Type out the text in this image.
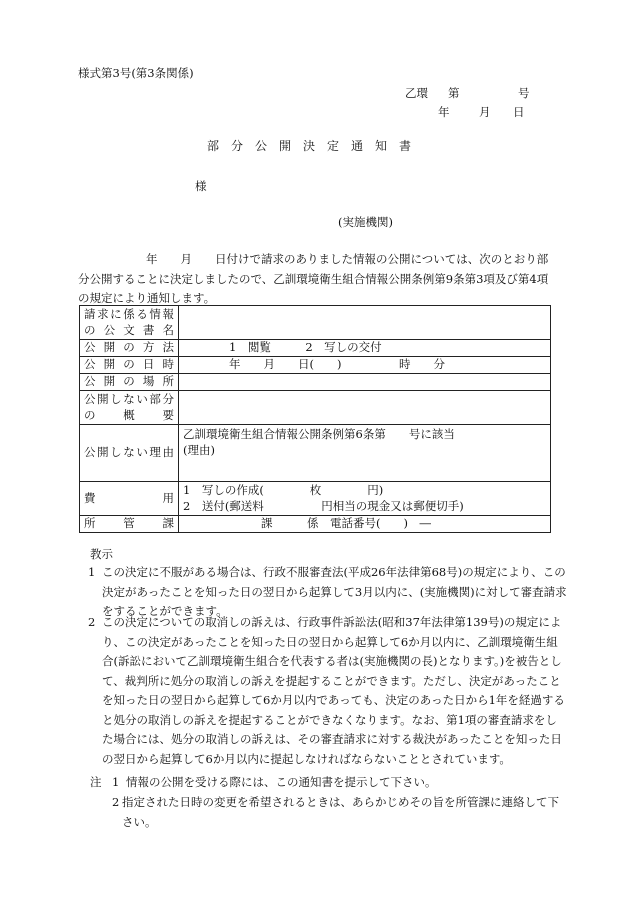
様式第3号(第3条関係)
乙環 第	号
年	月 日
部分公開決定通知書
様
(実施機関)
年　　月　　日付けで請求のありました情報の公開については、次のとおり部分公開することに決定しましたので、乙訓環境衛生組合情報公開条例第9条第3項及び第4項の規定により通知します。
請求に係る情報の公文書名	
公開の方法	1　閲覧　　　2　写しの交付
公開の日時	年　　月　　日(　　)　　　　　時　　分
公開の場所	
公開しない部分の概要	
公開しない理由	乙訓環境衛生組合情報公開条例第6条第　　号に該当
(理由)

費用	1　写しの作成(　　　　枚　　　　円)
2　送付(郵送料　　　　　円相当の現金又は郵便切手)

所管課	課　　　係　電話番号(　　)　―
教示
1 この決定に不服がある場合は、行政不服審査法(平成26年法律第68号)の規定により、この決定があったことを知った日の翌日から起算して3月以内に、(実施機関)に対して審査請求をすることができます。
2 この決定についての取消しの訴えは、行政事件訴訟法(昭和37年法律第139号)の規定により、この決定があったことを知った日の翌日から起算して6か月以内に、乙訓環境衛生組合(訴訟において乙訓環境衛生組合を代表する者は(実施機関の長)となります。)を被告として、裁判所に処分の取消しの訴えを提起することができます。ただし、決定があったことを知った日の翌日から起算して6か月以内であっても、決定のあった日から1年を経過すると処分の取消しの訴えを提起することができなくなります。なお、第1項の審査請求をした場合には、処分の取消しの訴えは、その審査請求に対する裁決があったことを知った日の翌日から起算して6か月以内に提起しなければならないこととされています。
注 1 情報の公開を受ける際には、この通知書を提示して下さい。
2 指定された日時の変更を希望されるときは、あらかじめその旨を所管課に連絡して下さい。
